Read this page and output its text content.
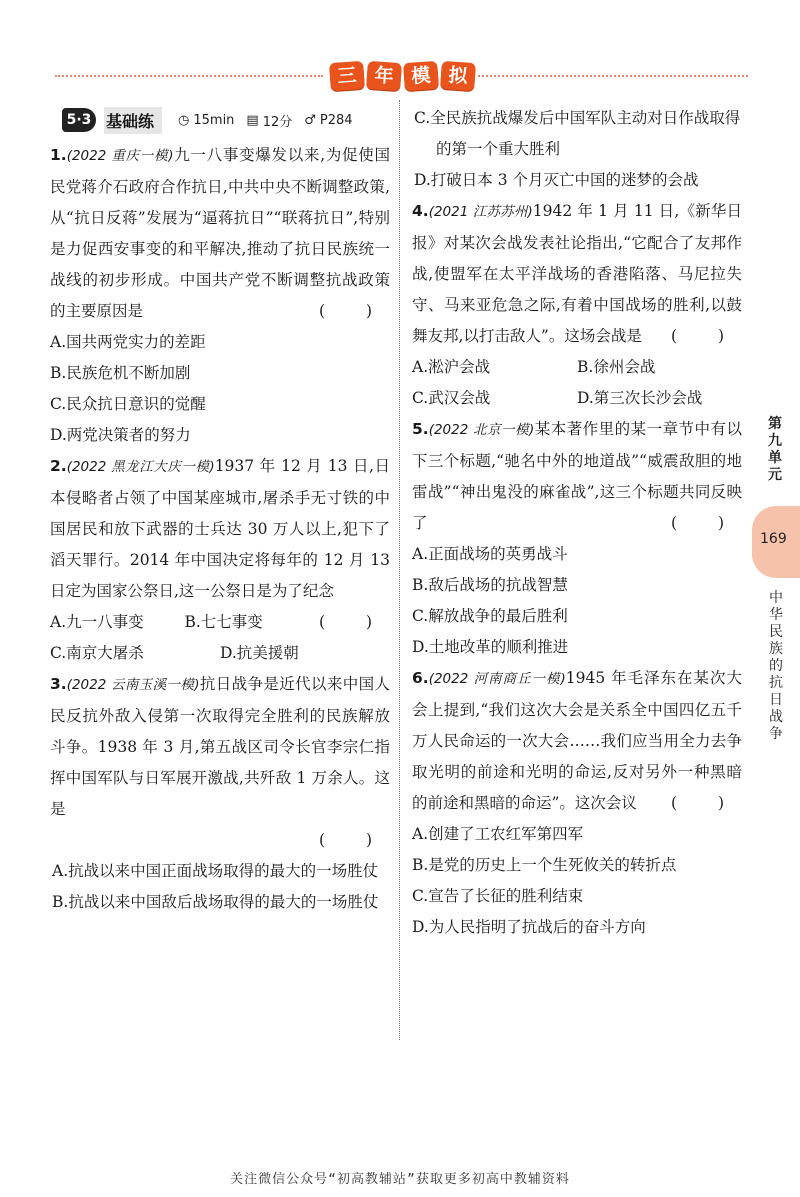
三 年 模 拟
5·3 基础练	◷ 15min ▤ 12分 ♂ P284

1.(2022 重庆一模)九一八事变爆发以来,为促使国民党蒋介石政府合作抗日,中共中央不断调整政策,从“抗日反蒋”发展为“逼蒋抗日”“联蒋抗日”,特别是力促西安事变的和平解决,推动了抗日民族统一战线的初步形成。中国共产党不断调整抗战政策的主要原因是	( )

A.国共两党实力的差距

B.民族危机不断加剧

C.民众抗日意识的觉醒

D.两党决策者的努力

2.(2022 黑龙江大庆一模)1937 年 12 月 13 日,日本侵略者占领了中国某座城市,屠杀手无寸铁的中国居民和放下武器的士兵达 30 万人以上,犯下了滔天罪行。2014 年中国决定将每年的 12 月 13 日定为国家公祭日,这一公祭日是为了纪念
( )

A.九一八事变	B.七七事变

C.南京大屠杀	D.抗美援朝

3.(2022 云南玉溪一模)抗日战争是近代以来中国人民反抗外敌入侵第一次取得完全胜利的民族解放斗争。1938 年 3 月,第五战区司令长官李宗仁指挥中国军队与日军展开激战,共歼敌 1 万余人。这是

( )

A.抗战以来中国正面战场取得的最大的一场胜仗

B.抗战以来中国敌后战场取得的最大的一场胜仗

C.全民族抗战爆发后中国军队主动对日作战取得的第一个重大胜利

D.打破日本 3 个月灭亡中国的迷梦的会战

4.(2021 江苏苏州)1942 年 1 月 11 日,《新华日报》对某次会战发表社论指出,“它配合了友邦作战,使盟军在太平洋战场的香港陷落、马尼拉失守、马来亚危急之际,有着中国战场的胜利,以鼓舞友邦,以打击敌人”。这场会战是 ( )

A.淞沪会战	B.徐州会战

C.武汉会战	D.第三次长沙会战

5.(2022 北京一模)某本著作里的某一章节中有以下三个标题,“驰名中外的地道战”“威震敌胆的地雷战”“神出鬼没的麻雀战”,这三个标题共同反映了	( )

A.正面战场的英勇战斗

B.敌后战场的抗战智慧

C.解放战争的最后胜利

D.土地改革的顺利推进

6.(2022 河南商丘一模)1945 年毛泽东在某次大会上提到,“我们这次大会是关系全中国四亿五千万人民命运的一次大会……我们应当用全力去争取光明的前途和光明的命运,反对另外一种黑暗的前途和黑暗的命运”。这次会议 ( )

A.创建了工农红军第四军

B.是党的历史上一个生死攸关的转折点

C.宣告了长征的胜利结束

D.为人民指明了抗战后的奋斗方向

第九单元
169
中华民族的抗日战争
关注微信公众号“初高教辅站”获取更多初高中教辅资料
